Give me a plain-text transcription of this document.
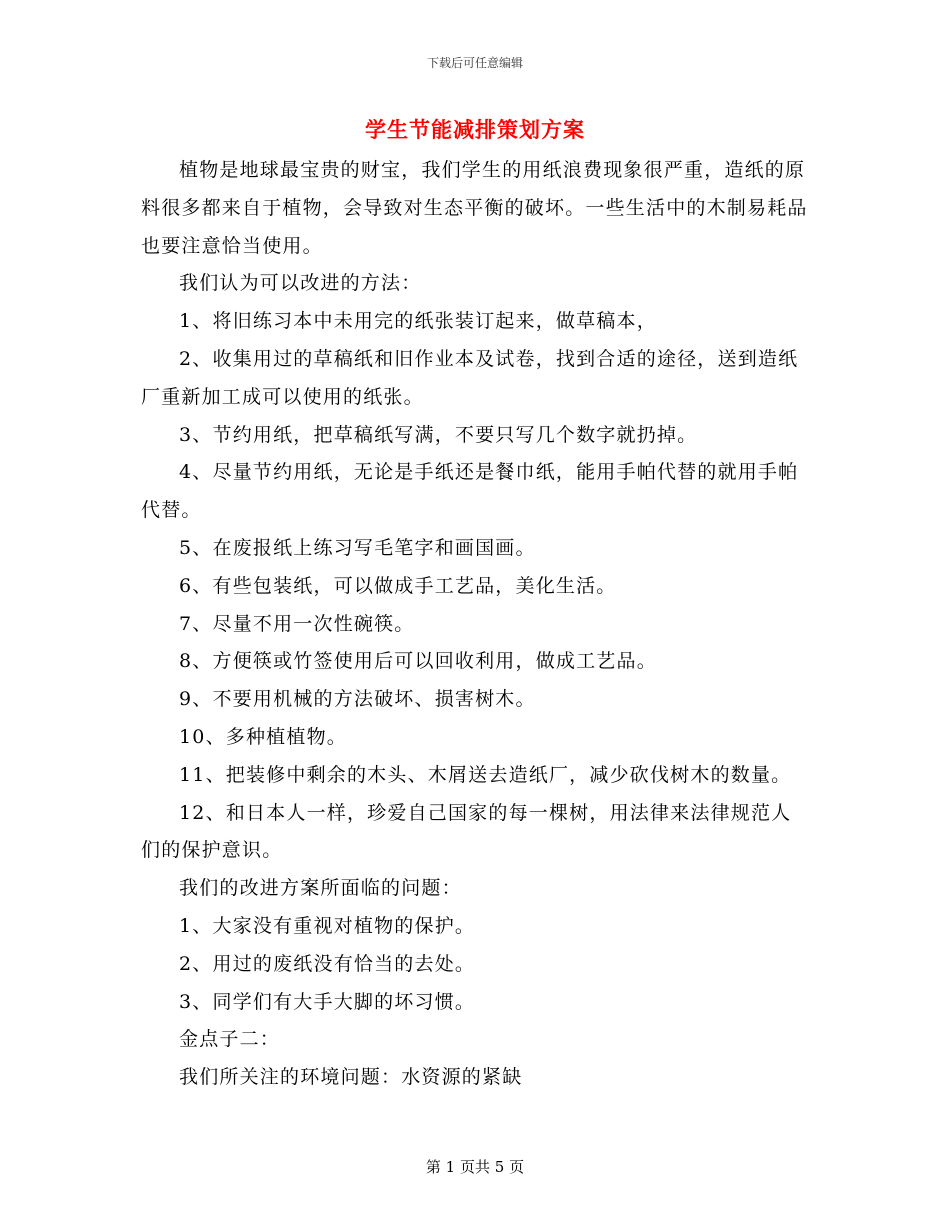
下载后可任意编辑
学生节能减排策划方案

植物是地球最宝贵的财宝，我们学生的用纸浪费现象很严重，造纸的原料很多都来自于植物，会导致对生态平衡的破坏。一些生活中的木制易耗品也要注意恰当使用。

我们认为可以改进的方法：

1、将旧练习本中未用完的纸张装订起来，做草稿本，

2、收集用过的草稿纸和旧作业本及试卷，找到合适的途径，送到造纸厂重新加工成可以使用的纸张。

3、节约用纸，把草稿纸写满，不要只写几个数字就扔掉。

4、尽量节约用纸，无论是手纸还是餐巾纸，能用手帕代替的就用手帕代替。

5、在废报纸上练习写毛笔字和画国画。

6、有些包装纸，可以做成手工艺品，美化生活。

7、尽量不用一次性碗筷。

8、方便筷或竹签使用后可以回收利用，做成工艺品。

9、不要用机械的方法破坏、损害树木。

10、多种植植物。

11、把装修中剩余的木头、木屑送去造纸厂，减少砍伐树木的数量。

12、和日本人一样，珍爱自己国家的每一棵树，用法律来法律规范人们的保护意识。

我们的改进方案所面临的问题：

1、大家没有重视对植物的保护。

2、用过的废纸没有恰当的去处。

3、同学们有大手大脚的坏习惯。

金点子二：

我们所关注的环境问题：水资源的紧缺

第 1 页共 5 页
